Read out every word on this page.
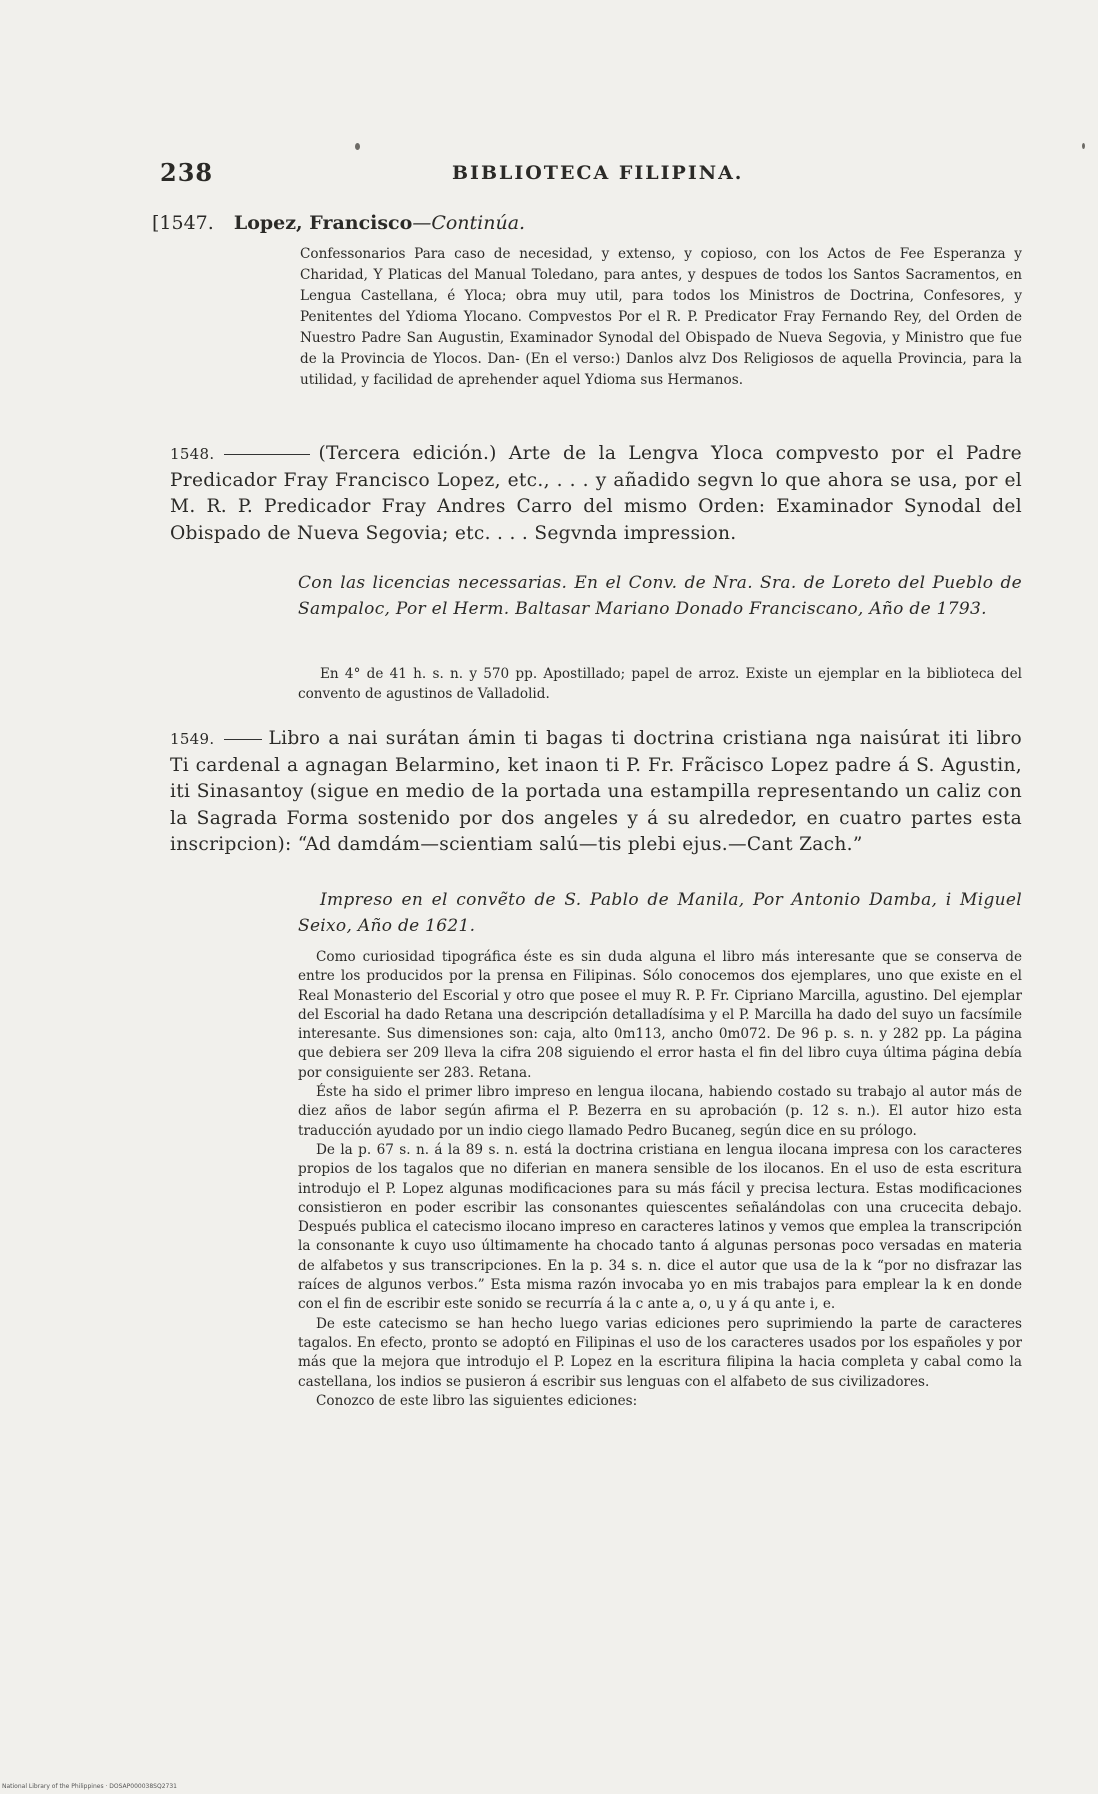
238	BIBLIOTECA FILIPINA.
[1547. Lopez, Francisco—Continúa.
Confessonarios Para caso de necesidad, y extenso, y copioso, con los Actos de Fee Esperanza y Charidad, Y Platicas del Manual Toledano, para antes, y despues de todos los Santos Sacramentos, en Lengua Castellana, é Yloca; obra muy util, para todos los Ministros de Doctrina, Confesores, y Penitentes del Ydioma Ylocano. Compvestos Por el R. P. Predicator Fray Fernando Rey, del Orden de Nuestro Padre San Augustin, Examinador Synodal del Obispado de Nueva Segovia, y Ministro que fue de la Provincia de Ylocos. Dan- (En el verso:) Danlos alvz Dos Religiosos de aquella Provincia, para la utilidad, y facilidad de aprehender aquel Ydioma sus Hermanos.

1548.	(Tercera edición.) Arte de la Lengva Yloca compvesto por el Padre Predicador Fray Francisco Lopez, etc., . . . y añadido segvn lo que ahora se usa, por el M. R. P. Predicador Fray Andres Carro del mismo Orden: Examinador Synodal del Obispado de Nueva Segovia; etc. . . . Segvnda impression.

Con las licencias necessarias. En el Conv. de Nra. Sra. de Loreto del Pueblo de Sampaloc, Por el Herm. Baltasar Mariano Donado Franciscano, Año de 1793.
En 4° de 41 h. s. n. y 570 pp. Apostillado; papel de arroz. Existe un ejemplar en la biblioteca del convento de agustinos de Valladolid.

1549.	Libro a nai surátan ámin ti bagas ti doctrina cristiana nga naisúrat iti libro Ti cardenal a agnagan Belarmino, ket inaon ti P. Fr. Frãcisco Lopez padre á S. Agustin, iti Sinasantoy (sigue en medio de la portada una estampilla representando un caliz con la Sagrada Forma sostenido por dos angeles y á su alrededor, en cuatro partes esta inscripcion): “Ad damdám—scientiam salú—tis plebi ejus.—Cant Zach.”

Impreso en el convẽto de S. Pablo de Manila, Por Antonio Damba, i Miguel Seixo, Año de 1621.

Como curiosidad tipográfica éste es sin duda alguna el libro más interesante que se conserva de entre los producidos por la prensa en Filipinas. Sólo conocemos dos ejemplares, uno que existe en el Real Monasterio del Escorial y otro que posee el muy R. P. Fr. Cipriano Marcilla, agustino. Del ejemplar del Escorial ha dado Retana una descripción detalladísima y el P. Marcilla ha dado del suyo un facsímile interesante. Sus dimensiones son: caja, alto 0m113, ancho 0m072. De 96 p. s. n. y 282 pp. La página que debiera ser 209 lleva la cifra 208 siguiendo el error hasta el fin del libro cuya última página debía por consiguiente ser 283. Retana.

Éste ha sido el primer libro impreso en lengua ilocana, habiendo costado su trabajo al autor más de diez años de labor según afirma el P. Bezerra en su aprobación (p. 12 s. n.). El autor hizo esta traducción ayudado por un indio ciego llamado Pedro Bucaneg, según dice en su prólogo.

De la p. 67 s. n. á la 89 s. n. está la doctrina cristiana en lengua ilocana impresa con los caracteres propios de los tagalos que no diferian en manera sensible de los ilocanos. En el uso de esta escritura introdujo el P. Lopez algunas modificaciones para su más fácil y precisa lectura. Estas modificaciones consistieron en poder escribir las consonantes quiescentes señalándolas con una crucecita debajo. Después publica el catecismo ilocano impreso en caracteres latinos y vemos que emplea la transcripción la consonante k cuyo uso últimamente ha chocado tanto á algunas personas poco versadas en materia de alfabetos y sus transcripciones. En la p. 34 s. n. dice el autor que usa de la k “por no disfrazar las raíces de algunos verbos.” Esta misma razón invocaba yo en mis trabajos para emplear la k en donde con el fin de escribir este sonido se recurría á la c ante a, o, u y á qu ante i, e.

De este catecismo se han hecho luego varias ediciones pero suprimiendo la parte de caracteres tagalos. En efecto, pronto se adoptó en Filipinas el uso de los caracteres usados por los españoles y por más que la mejora que introdujo el P. Lopez en la escritura filipina la hacia completa y cabal como la castellana, los indios se pusieron á escribir sus lenguas con el alfabeto de sus civilizadores.

Conozco de este libro las siguientes ediciones:

National Library of the Philippines · DOSAP000038SQ2731
